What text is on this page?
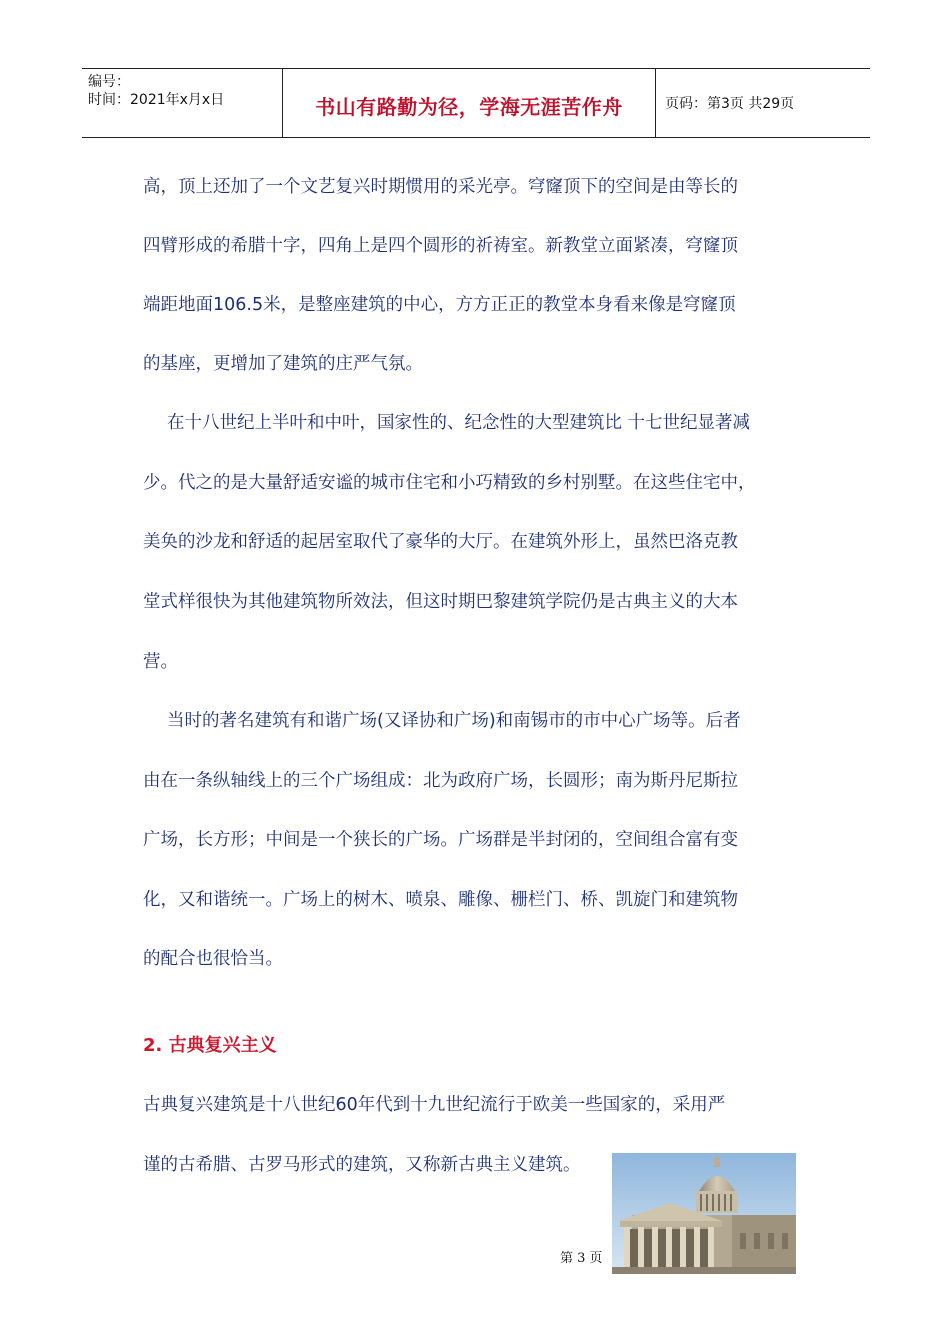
编号：
时间：2021年x月x日	书山有路勤为径，学海无涯苦作舟	页码：第3页 共29页
高，顶上还加了一个文艺复兴时期惯用的采光亭。穹窿顶下的空间是由等长的
四臂形成的希腊十字，四角上是四个圆形的祈祷室。新教堂立面紧凑，穹窿顶
端距地面106.5米，是整座建筑的中心，方方正正的教堂本身看来像是穹窿顶
的基座，更增加了建筑的庄严气氛。
在十八世纪上半叶和中叶，国家性的、纪念性的大型建筑比 十七世纪显著减
少。代之的是大量舒适安谧的城市住宅和小巧精致的乡村别墅。在这些住宅中，
美奂的沙龙和舒适的起居室取代了豪华的大厅。在建筑外形上，虽然巴洛克教
堂式样很快为其他建筑物所效法，但这时期巴黎建筑学院仍是古典主义的大本
营。
当时的著名建筑有和谐广场(又译协和广场)和南锡市的市中心广场等。后者
由在一条纵轴线上的三个广场组成：北为政府广场，长圆形；南为斯丹尼斯拉
广场，长方形；中间是一个狭长的广场。广场群是半封闭的，空间组合富有变
化，又和谐统一。广场上的树木、喷泉、雕像、栅栏门、桥、凯旋门和建筑物
的配合也很恰当。
2. 古典复兴主义
古典复兴建筑是十八世纪60年代到十九世纪流行于欧美一些国家的，采用严
谨的古希腊、古罗马形式的建筑，又称新古典主义建筑。
第 3 页
